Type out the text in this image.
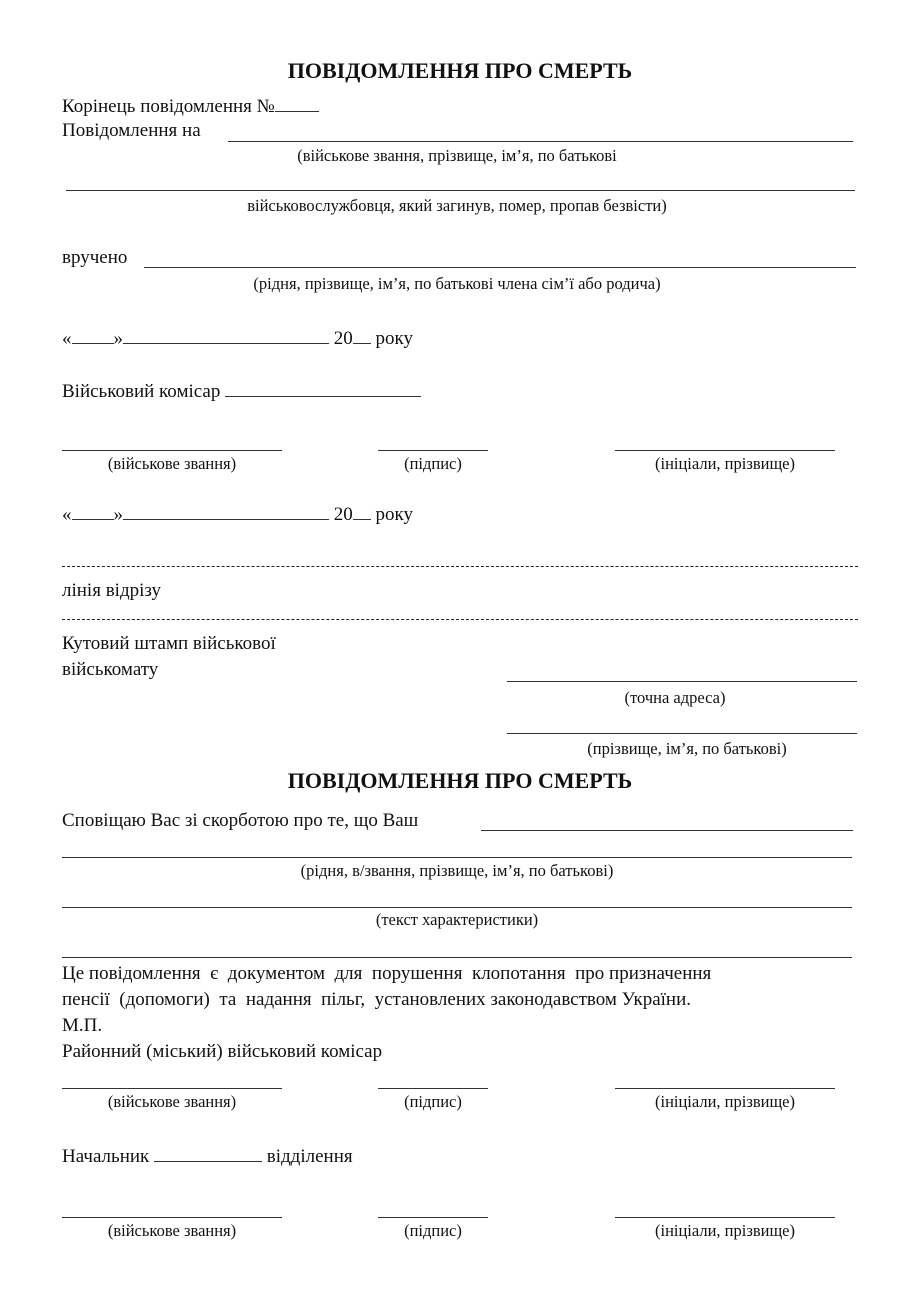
ПОВІДОМЛЕННЯ ПРО СМЕРТЬ
Корінець повідомлення №
Повідомлення на
(військове звання, прізвище, ім’я, по батькові
військовослужбовця, який загинув, помер, пропав безвісти)
вручено
(рідня, прізвище, ім’я, по батькові члена сім’ї або родича)
« »	20 року
Військовий комісар
(військове звання)	(підпис)	(ініціали, прізвище)
« »	20 року
лінія відрізу
Кутовий штамп військової
військомату
(точна адреса)
(прізвище, ім’я, по батькові)
ПОВІДОМЛЕННЯ ПРО СМЕРТЬ
Сповіщаю Вас зі скорботою про те, що Ваш
(рідня, в/звання, прізвище, ім’я, по батькові)
(текст характеристики)
Це повідомлення  є  документом  для  порушення  клопотання  про призначення
пенсії  (допомоги)  та  надання  пільг,  установлених законодавством України.
М.П.
Районний (міський) військовий комісар
(військове звання)	(підпис)	(ініціали, прізвище)
Начальник	відділення
(військове звання)	(підпис)	(ініціали, прізвище)
